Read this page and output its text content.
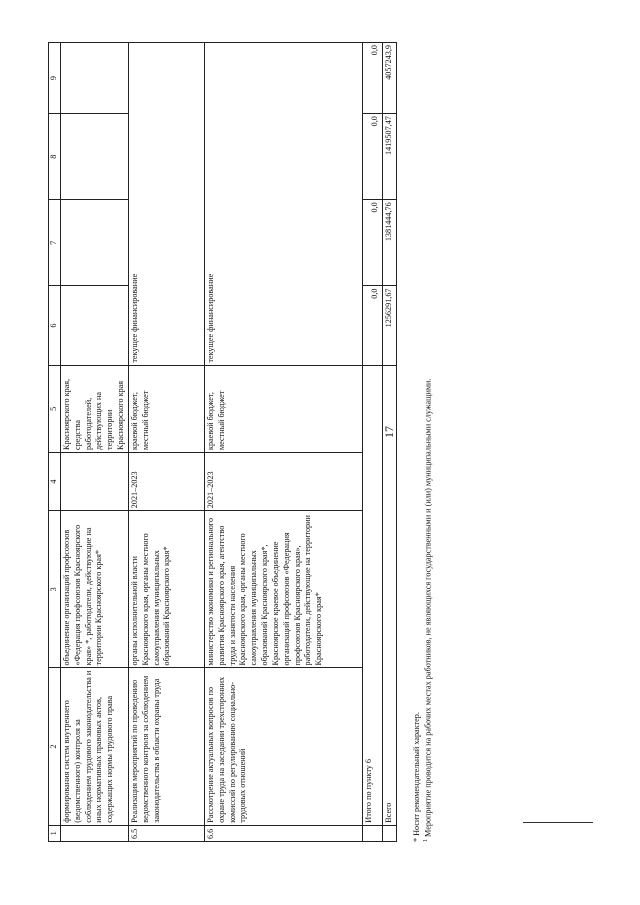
17
1	2	3	4	5	6	7	8	9
	формирования систем внутреннего (ведомственного) контроля за соблюдением трудового законодательства и иных нормативных правовых актов, содержащих нормы трудового права	объединение организаций профсоюзов «Федерация профсоюзов Красноярского края» *, работодатели, действующие на территории Красноярского края*		Красноярского края, средства работодателей, действующих на территории Красноярского края				
6.5	Реализация мероприятий по проведению ведомственного контроля за соблюдением законодательства в области охраны труда	органы исполнительной власти Красноярского края, органы местного самоуправления муниципальных образований Красноярского края*	2021–2023	краевой бюджет, местный бюджет	текущее финансирование			
6.6	Рассмотрение актуальных вопросов по охране труда на заседании трехсторонних комиссий по регулированию социально-трудовых отношений	министерство экономики и регионального развития Красноярского края, агентство труда и занятости населения Красноярского края, органы местного самоуправления муниципальных образований Красноярского края*, Красноярское краевое объединение организаций профсоюзов «Федерация профсоюзов Красноярского края», работодатели, действующие на территории Красноярского края*	2021–2023	краевой бюджет, местный бюджет	текущее финансирование			
	Итого по пункту 6				0,0	0,0	0,0	0,0
	Всего				1256291,67	1381444,76	1419507,47	4057243,9
* Носит рекомендательный характер. $^1$ Мероприятие проводится на рабочих местах работников, не являющихся государственными и (или) муниципальными служащими.
